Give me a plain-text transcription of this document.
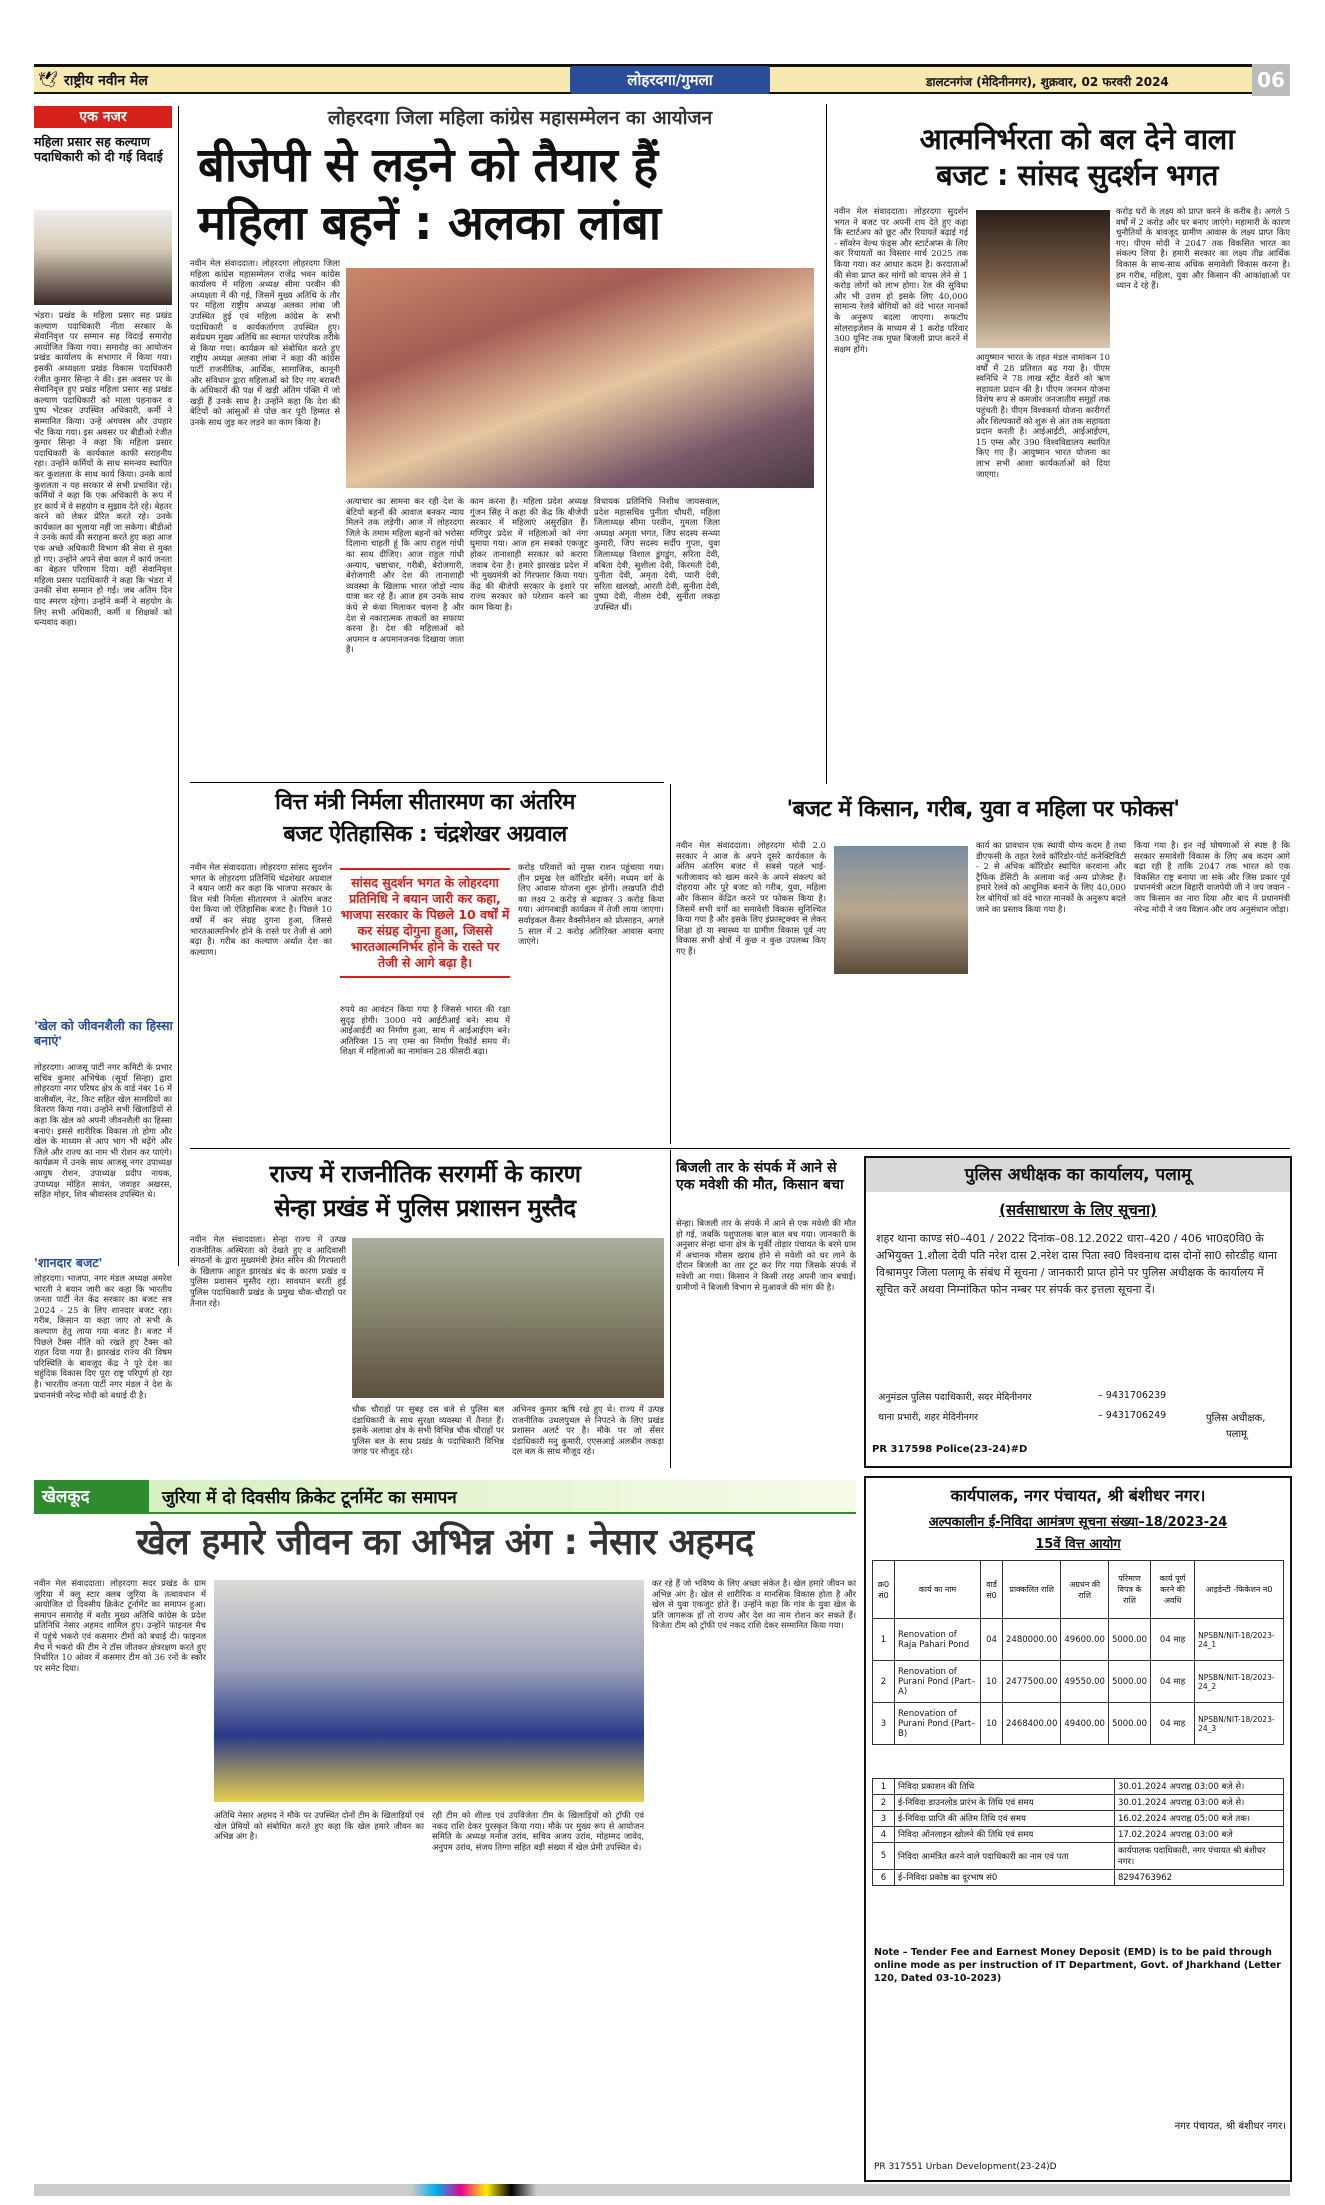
🕊 राष्ट्रीय नवीन मेल	लोहरदगा/गुमला	डालटनगंज (मेदिनीनगर), शुक्रवार, 02 फरवरी 2024	06
एक नजर
महिला प्रसार सह कल्याण पदाधिकारी को दी गई विदाई
भंडरा। प्रखंड के महिला प्रसार सह प्रखंड कल्याण पदाधिकारी नीता सरकार के सेवानिवृत्त पर सम्मान सह विदाई समारोह आयोजित किया गया। समारोह का आयोजन प्रखंड कार्यालय के सभागार में किया गया। इसकी अध्यक्षता प्रखंड विकास पदाधिकारी रंजीत कुमार सिन्हा ने की। इस अवसर पर के सेवानिवृत्त हुए प्रखंड महिला प्रसार सह प्रखंड कल्याण पदाधिकारी को माला पहनाकर व पुष्प भेंटकर उपस्थित अधिकारी, कर्मी ने सम्मानित किया। उन्हें अंगवस्त्र और उपहार भेंट किया गया। इस अवसर पर बीडीओ रंजीत कुमार सिन्हा ने कहा कि महिला प्रसार पदाधिकारी के कार्यकाल काफी सराहनीय रहा। उन्होंने कर्मियों के साथ समन्वय स्थापित कर कुशलता के साथ कार्य किया। उनके कार्य कुशलता न यह सरकार से सभी प्रभावित रहे। कर्मियों ने कहा कि एक अधिकारी के रूप में हर कार्य में वे सहयोग व सुझाव देते रहे। बेहतर करने को लेकर प्रेरित करते रहे। उनके कार्यकाल का भुलाया नहीं जा सकेगा। बीडीओ ने उनके कार्य की सराहना करते हुए कहा आज एक अच्छे अधिकारी विभाग की सेवा से मुक्त हो गए। उन्होंने अपने सेवा काल में कार्य जनता का बेहतर परिणाम दिया। वहीं सेवानिवृत्त महिला प्रसार पदाधिकारी ने कहा कि भंडरा में उनकी सेवा सम्मान हो गई। जब अतिम दिन याद स्मरण रहेगा। उन्होंने कर्मी ने सहयोग के लिए सभी अधिकारी, कर्मी व शिक्षकों को धन्यवाद कहा।
'खेल को जीवनशैली का हिस्सा बनाएं'
लोहरदगा। आजसू पार्टी नगर कमिटी के प्रभार सचिव कुमार अभिषेक (सूर्या सिन्हा) द्वारा लोहरदगा नगर परिषद क्षेत्र के वार्ड नंबर 16 में वालीबॉल, नेट, किट सहित खेल सामग्रियों का वितरण किया गया। उन्होंने सभी खिलाड़ियों से कहा कि खेल को अपनी जीवनशैली का हिस्सा बनाएं। इससे शारीरिक विकास तो होगा और खेल के माध्यम से आप भाग भी बढ़ेंगे और जिले और राज्य का नाम भी रोशन कर पाएंगे। कार्यक्रम में उनके साथ आजसू नगर उपाध्यक्ष आयुष रोशन, उपाध्यक्ष प्रदीप नायक, उपाध्यक्ष मोहित सावंत, जवाहर अखरस, सहित मोहर, शिव श्रीवास्तव उपस्थित थे।
'शानदार बजट'
लोहरदगा। भाजपा, नगर मंडल अध्यक्ष अमरेश भारती ने बयान जारी कर कहा कि भारतीय जनता पार्टी नेत केंद्र सरकार का बजट सत्र 2024 - 25 के लिए शानदार बजट रहा। गरीब, किसान या कहा जाए तो सभी के कल्याण हेतु लाया गया बजट है। बजट में पिछले टैक्स नीति को रखते हुए टैक्स को राहत दिया गया है। झारखंड राज्य की विषम परिस्थिति के बावजूद केंद्र ने पूरे देश का चहुंदिक विकास दिए पूरा राष्ट्र परिपूर्ण हो रहा है। भारतीय जनता पार्टी नगर मंडल ने देश के प्रधानमंत्री नरेन्द्र मोदी को बधाई दी है।
लोहरदगा जिला महिला कांग्रेस महासम्मेलन का आयोजन
बीजेपी से लड़ने को तैयार हैं
महिला बहनें : अलका लांबा
नवीन मेल संवाददाता। लोहरदगा लोहरदगा जिला महिला कांग्रेस महासम्मेलन राजेंद्र भवन कांग्रेस कार्यालय में महिला अध्यक्ष सीमा परवीन की अध्यक्षता में की गई, जिसमें मुख्य अतिथि के तौर पर महिला राष्ट्रीय अध्यक्ष अलका लांबा जी उपस्थित हुई एवं महिला कांग्रेस के सभी पदाधिकारी व कार्यकर्तागण उपस्थित हुए। सर्वप्रथम मुख्य अतिथि का स्वागत पारंपरिक तरीके से किया गया। कार्यक्रम को संबोधित करते हुए राष्ट्रीय अध्यक्ष अलका लांबा ने कहा की कांग्रेस पार्टी राजनीतिक, आर्थिक, सामाजिक, कानूनी और संविधान द्वारा महिलाओं को दिए गए बराबरी के अधिकारों की पक्ष में खड़ी अंतिम पंक्ति में जो खड़ी हैं उनके साथ है। उन्होंने कहा कि देश की बेटियों को आंसुओं से पोछ कर पूरी हिम्मत से उनके साथ जुड़ कर लड़ने का काम किया है।
अत्याचार का सामना कर रही देश के बेटियों बहनों की आवाज बनकर न्याय मिलने तक लड़ेगी। आज में लोहरदगा जिले के तमाम महिला बहनों को भरोसा दिलाना चाहती हूं कि आप राहुल गांधी का साथ दीजिए। आज राहुल गांधी अन्याय, भ्रष्टाचार, गरीबी, बेरोजगारी, बेरोजगारी और देश की तानाशाही व्यवस्था के खिलाफ भारत जोड़ो न्याय यात्रा कर रहे हैं। आज हम उनके साथ कंधे से कंधा मिलाकर चलना है और देश से नकारात्मक ताकतों का सफाया करना है। देश की महिलाओं को अपमान व अपमानजनक दिखाया जाता है।
काम करना है। महिला प्रदेश अध्यक्ष गुंजन सिंह ने कहा की केंद्र कि बीजेपी सरकार में महिलाएं असुरक्षित हैं। मणिपुर प्रदेश में महिलाओं को नंगा घुमाया गया। आज हम सबको एकजुट होकर तानाशाही सरकार को करारा जवाब देना है। हमारे झारखंड प्रदेश में भी मुख्यमंत्री को गिरफ्तार किया गया। केंद्र की बीजेपी सरकार के इशारे पर राज्य सरकार को परेशान करने का काम किया है।
विधायक प्रतिनिधि निशीथ जायसवाल, प्रदेश महासचिव पुनीता चौधरी, महिला जिलाध्यक्ष सीमा परवीन, गुमला जिला अध्यक्ष अमृता भगत, जिप सदस्य सन्ध्या कुमारी, जिप सदस्य सर्दीप गुप्ता, युवा जिलाध्यक्ष विशाल डुंगडुंग, सरिता देवी, बबिता देवी, सुशीला देवी, किरमती देवी, पुनीता देवी, अमृता देवी, प्यारी देवी, सरिता खलखो, आरती देवी, सुनीता देवी, पुष्पा देवी, नीलम देवी, सुनीता लकड़ा उपस्थित थीं।
आत्मनिर्भरता को बल देने वाला
बजट : सांसद सुदर्शन भगत
नवीन मेल संवाददाता। लोहरदगा सुदर्शन भगत ने बजट पर अपनी राय देते हुए कहा कि स्टार्टअप को छूट और रियायतें बढ़ाई गई - सॉवरेन वेल्थ फंड्स और स्टार्टअप्स के लिए कर रियायतों का विस्तार मार्च 2025 तक किया गया। कर आधार कदम है। करदाताओं की सेवा प्राप्त कर मांगों को वापस लेने से 1 करोड़ लोगों को लाभ होगा। रेल की सुविधा और भी उत्तम हो इसके लिए 40,000 सामान्य रेलवे बोगियों को वंदे भारत मानकों के अनुरूप बदला जाएगा। रूफटॉप सोलराइजेशन के माध्यम से 1 करोड़ परिवार 300 यूनिट तक मुफ्त बिजली प्राप्त करने में सक्षम होंगे।
आयुष्मान भारत के तहत मंडल नामांकन 10 वर्षों में 28 प्रतिशत बढ़ गया है। पीएम स्वनिधि ने 78 लाख स्ट्रीट वेंडरों को ऋण सहायता प्रदान की है। पीएम जनमन योजना विशेष रूप से कमजोर जनजातीय समूहों तक पहुंचती है। पीएम विश्वकर्मा योजना कारीगरों और शिल्पकारों को शुरू से अंत तक सहायता प्रदान करती है। आईआईटी, आईआईएम, 15 एम्स और 390 विश्वविद्यालय स्थापित किए गए हैं। आयुष्मान भारत योजना का लाभ सभी आशा कार्यकर्ताओं को दिया जाएगा।
करोड़ घरों के लक्ष्य को प्राप्त करने के करीब है। अगले 5 वर्षों में 2 करोड़ और घर बनाए जाएंगे। महामारी के कारण चुनौतियों के बावजूद ग्रामीण आवास के लक्ष्य प्राप्त किए गए। पीएम मोदी ने 2047 तक विकसित भारत का संकल्प लिया है। हमारी सरकार का लक्ष्य तीव्र आर्थिक विकास के साथ-साथ अधिक समावेशी विकास करना है। हम गरीब, महिला, युवा और किसान की आकांक्षाओं पर ध्यान दे रहे हैं।
वित्त मंत्री निर्मला सीतारमण का अंतरिम
बजट ऐतिहासिक : चंद्रशेखर अग्रवाल
नवीन मेल संवाददाता। लोहरदगा सांसद सुदर्शन भगत के लोहरदगा प्रतिनिधि चंद्रशेखर अग्रवाल ने बयान जारी कर कहा कि भाजपा सरकार के वित्त मंत्री निर्मला सीतारमण ने अंतरिम बजट पेश किया जो ऐतिहासिक बजट है। पिछले 10 वर्षों में कर संग्रह दुगना हुआ, जिससे भारतआत्मनिर्भर होने के रास्ते पर तेजी से आगे बढ़ा है। गरीब का कल्याण अर्थात देश का कल्याण।
सांसद सुदर्शन भगत के लोहरदगा प्रतिनिधि ने बयान जारी कर कहा, भाजपा सरकार के पिछले 10 वर्षों में कर संग्रह दोगुना हुआ, जिससे भारतआत्मनिर्भर होने के रास्ते पर तेजी से आगे बढ़ा है।
रुपये का आवंटन किया गया है जिससे भारत की रक्षा सुदृढ़ होगी। 3000 नये आईटीआई बने। साथ में आईआईटी का निर्माण हुआ, साथ में आईआईएम बने। अतिरिक्त 15 नए एम्स का निर्माण रिकॉर्ड समय में। शिक्षा में महिलाओं का नामांकन 28 फीसदी बढ़ा।
करोड़ परिवारों को मुफ्त राशन पहुंचाया गया। तीन प्रमुख रेल कॉरिडोर बनेंगे। मध्यम वर्ग के लिए आवास योजना शुरू होगी। लखपति दीदी का लक्ष्य 2 करोड़ से बढ़ाकर 3 करोड़ किया गया। आंगनबाड़ी कार्यक्रम में तेजी लाया जाएगा। सर्वाइकल कैंसर वैक्सीनेशन को प्रोत्साहन, अगले 5 साल में 2 करोड़ अतिरिक्त आवास बनाए जाएंगे।
'बजट में किसान, गरीब, युवा व महिला पर फोकस'
नवीन मेल संवाददाता। लोहरदगा मोदी 2.0 सरकार ने आज के अपने दूसरे कार्यकाल के अंतिम अंतरिम बजट में सबसे पहले भाई-भतीजावाद को खत्म करने के अपने संकल्प को दोहराया और पूरे बजट को गरीब, युवा, महिला और किसान केंद्रित करने पर फोकस किया है। जिसमें सभी वर्गों का समावेशी विकास सुनिश्चित किया गया है और इसके लिए इंफ्रास्ट्रक्चर से लेकर शिक्षा हो या स्वास्थ्य या ग्रामीण विकास पूर्व नए विकास सभी क्षेत्रों में कुछ न कुछ उपलब्ध किए गए हैं।
कार्य का प्रावधान एक स्थायी योग्य कदम है तथा डीएफसी के तहत रेलवे कॉरिडोर-पोर्ट कनेक्टिविटी - 2 से अधिक कॉरिडोर स्थापित करवाना और ट्रैफिक डेंसिटी के अलावा कई अन्य प्रोजेक्ट हैं। हमारे रेलवे को आधुनिक बनाने के लिए 40,000 रेल बोगियों को वंदे भारत मानकों के अनुरूप बदले जाने का प्रस्ताव किया गया है।
किया गया है। इन नई घोषणाओं से स्पष्ट है कि सरकार समावेशी विकास के लिए अब कदम आगे बढ़ा रही है ताकि 2047 तक भारत को एक विकसित राष्ट्र बनाया जा सके और जिस प्रकार पूर्व प्रधानमंत्री अटल बिहारी वाजपेयी जी ने जय जवान - जय किसान का नारा दिया और बाद में प्रधानमंत्री नरेन्द्र मोदी ने जय विज्ञान और जय अनुसंधान जोड़ा।
राज्य में राजनीतिक सरगर्मी के कारण
सेन्हा प्रखंड में पुलिस प्रशासन मुस्तैद
नवीन मेल संवाददाता। सेन्हा राज्य में उत्पन्न राजनीतिक अस्थिरता को देखते हुए व आदिवासी संगठनों के द्वारा मुख्यमंत्री हेमंत सोरेन की गिरफ्तारी के खिलाफ आहूत झारखंड बंद के कारण प्रखंड व पुलिस प्रशासन मुस्तैद रहा। सावधान बरती हुई पुलिस पदाधिकारी प्रखंड के प्रमुख चौक-चौराहों पर तैनात रहे।
चौक चौराहों पर सुबह दस बजे से पुलिस बल दंडाधिकारी के साथ सुरक्षा व्यवस्था में तैनात हैं। इसके अलावा क्षेत्र के सभी विभिन्न चौक चौराहों पर पुलिस बल के साथ प्रखंड के पदाधिकारी विभिन्न जगह पर मौजूद रहे।
अभिनव कुमार ऋषि रखे हुए थे। राज्य में उत्पन्न राजनीतिक उथलपुथल से निपटने के लिए प्रखंड प्रशासन अलर्ट पर है। मौके पर जो सेंसर दंडाधिकारी मनु कुमारी, एएसआई अलबीन लकड़ा दल बल के साथ मौजूद रहे।
बिजली तार के संपर्क में आने से एक मवेशी की मौत, किसान बचा
सेन्हा। बिजली तार के संपर्क में आने से एक मवेशी की मौत हो गई, जबकि पशुपालक बाल बाल बच गया। जानकारी के अनुसार सेन्हा थाना क्षेत्र के मुर्की तोड़ार पंचायत के बरमे ग्राम में अचानक मौसम खराब होने से मवेशी को घर लाने के दौरान बिजली का तार टूट कर गिर गया जिसके संपर्क में मवेशी आ गया। किसान ने किसी तरह अपनी जान बचाई। ग्रामीणों ने बिजली विभाग से मुआवजे की मांग की है।
पुलिस अधीक्षक का कार्यालय, पलामू
(सर्वसाधारण के लिए सूचना)
शहर थाना काण्ड सं0–401 / 2022 दिनांक–08.12.2022 धारा–420 / 406 भा0द0वि0 के अभियुक्त 1.शौला देवी पति नरेश दास 2.नरेश दास पिता स्व0 विश्वनाथ दास दोनों सा0 सोरडीह थाना विश्रामपुर जिला पलामू के संबंध में सूचना / जानकारी प्राप्त होने पर पुलिस अधीक्षक के कार्यालय में सूचित करें अथवा निम्नांकित फोन नम्बर पर संपर्क कर इत्तला सूचना दें।
अनुमंडल पुलिस पदाधिकारी, सदर मेदिनीनगर	– 9431706239
थाना प्रभारी, शहर मेदिनीनगर	– 9431706249	पुलिस अधीक्षक,
पलामू
PR 317598 Police(23-24)#D
कार्यपालक, नगर पंचायत, श्री बंशीधर नगर।
अल्पकालीन ई-निविदा आमंत्रण सूचना संख्या–18/2023-24
15वें वित्त आयोग
क्र0 सं0	कार्य का नाम	वार्ड सं0	प्राक्कलित राशि	अग्रधन की राशि	परिमाण विपत्र के राशि	कार्य पूर्ण करने की अवधि	आइडेन्टी -फिकेशन न0
1	Renovation of Raja Pahari Pond	04	2480000.00	49600.00	5000.00	04 माह	NPSBN/NIT-18/2023-24_1
2	Renovation of Purani Pond (Part–A)	10	2477500.00	49550.00	5000.00	04 माह	NPSBN/NIT-18/2023-24_2
3	Renovation of Purani Pond (Part–B)	10	2468400.00	49400.00	5000.00	04 माह	NPSBN/NIT-18/2023-24_3
1	निविदा प्रकाशन की तिथि	30.01.2024 अपराह्न 03:00 बजे से।
2	ई-निविदा डाउनलोड प्रारंभ के तिथि एवं समय	30.01.2024 अपराह्न 03:00 बजे से।
3	ई-निविदा प्राप्ति की अंतिम तिथि एवं समय	16.02.2024 अपराह्न 05:00 बजे तक।
4	निविदा ऑनलाइन खोलने की तिथि एवं समय	17.02.2024 अपराह्न 03:00 बजे
5	निविदा आमंत्रित करने वाले पदाधिकारी का नाम एवं पता	कार्यपालक पदाधिकारी, नगर पंचायत श्री बंशीधर नगर।
6	ई–निविदा प्रकोष्ठ का दूरभाष सं0	8294763962
Note – Tender Fee and Earnest Money Deposit (EMD) is to be paid through online mode as per instruction of IT Department, Govt. of Jharkhand (Letter 120, Dated 03-10-2023)
नगर पंचायत, श्री बंशीधर नगर।
PR 317551 Urban Development(23-24)D
खेलकूद	जुरिया में दो दिवसीय क्रिकेट टूर्नामेंट का समापन
खेल हमारे जीवन का अभिन्न अंग : नेसार अहमद
नवीन मेल संवाददाता। लोहरदगा सदर प्रखंड के ग्राम जुरिया में क्लू स्टार क्लब जुरिया के तत्वावधान में आयोजित दो दिवसीय क्रिकेट टूर्नामेंट का समापन हुआ। समापन समारोह में बतौर मुख्य अतिथि कांग्रेस के प्रदेश प्रतिनिधि नेसार अहमद शामिल हुए। उन्होंने फाइनल मैच में पहुंचे भकरो एवं कसमार टीमों को बधाई दी। फाइनल मैच में भकरो की टीम ने टॉस जीतकर क्षेत्ररक्षण करते हुए निर्धारित 10 ओवर में कसमार टीम को 36 रनों के स्कोर पर समेट दिया।
कर रहे हैं जो भविष्य के लिए अच्छा संकेत है। खेल हमारे जीवन का अभिन्न अंग है। खेल से शारीरिक व मानसिक विकास होता है और खेल से युवा एकजुट होते हैं। उन्होंने कहा कि गांव के युवा खेल के प्रति जागरूक हों तो राज्य और देश का नाम रोशन कर सकते हैं। विजेता टीम को ट्रॉफी एवं नकद राशि देकर सम्मानित किया गया।
अतिथि नेसार अहमद ने मौके पर उपस्थित दोनों टीम के खिलाड़ियों एवं खेल प्रेमियों को संबोधित करते हुए कहा कि खेल हमारे जीवन का अभिन्न अंग है।
रही टीम को शील्ड एवं उपविजेता टीम के खिलाड़ियों को ट्रॉफी एवं नकद राशि देकर पुरस्कृत किया गया। मौके पर मुख्य रूप से आयोजन समिति के अध्यक्ष मनोज उरांव, सचिव अजय उरांव, मोहम्मद जावेद, अनुपम उरांव, संजय तिग्गा सहित बड़ी संख्या में खेल प्रेमी उपस्थित थे।
